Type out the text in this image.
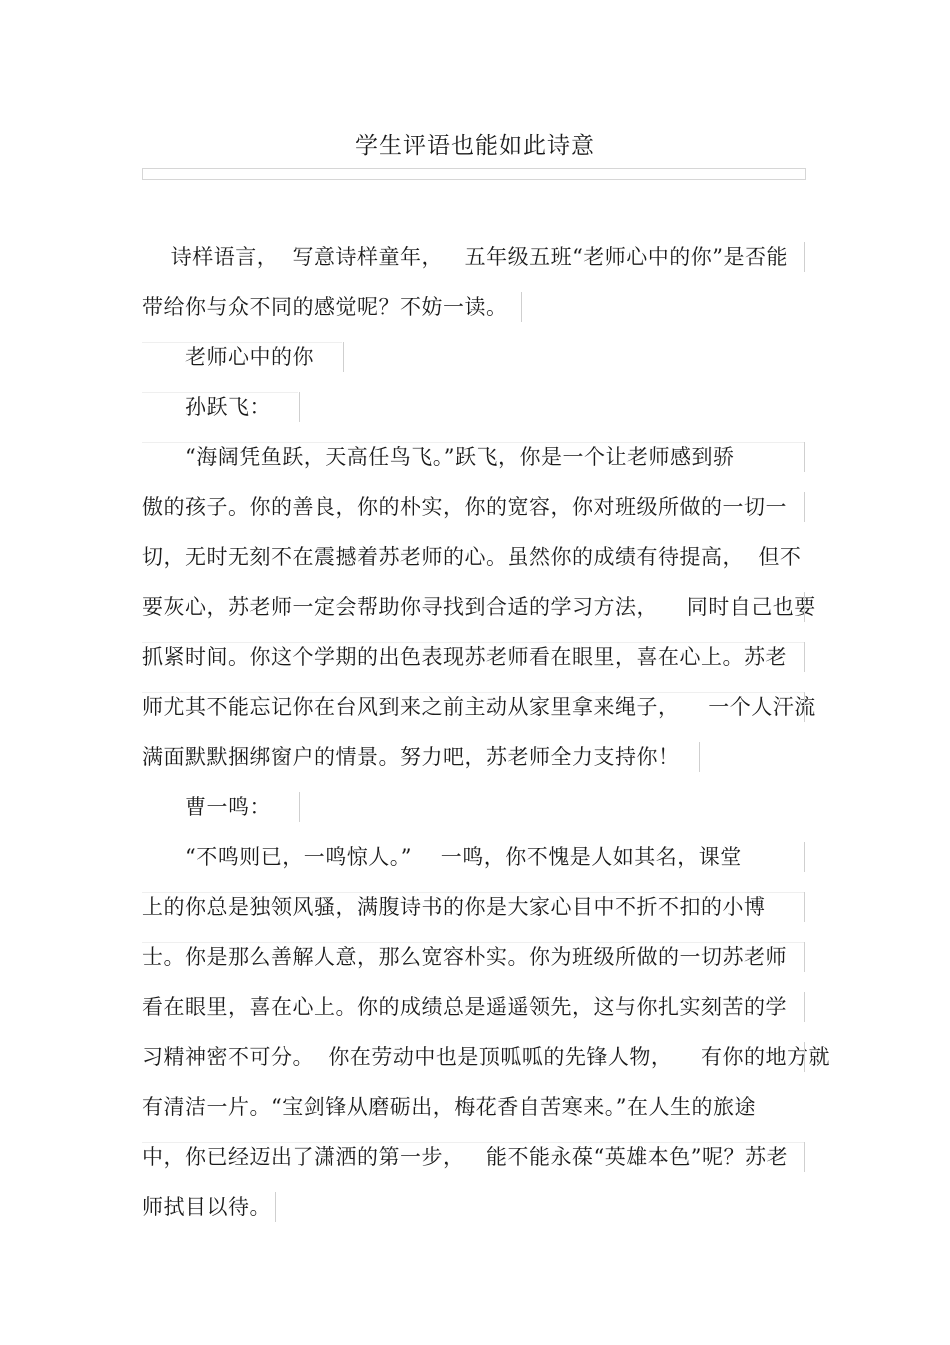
学生评语也能如此诗意
诗样语言，  写意诗样童年，   五年级五班“老师心中的你”是否能
带给你与众不同的感觉呢？不妨一读。
老师心中的你
孙跃飞：
“海阔凭鱼跃，天高任鸟飞。”跃飞，你是一个让老师感到骄
傲的孩子。你的善良，你的朴实，你的宽容，你对班级所做的一切一
切，无时无刻不在震撼着苏老师的心。虽然你的成绩有待提高，  但不
要灰心，苏老师一定会帮助你寻找到合适的学习方法，    同时自己也要
抓紧时间。你这个学期的出色表现苏老师看在眼里，喜在心上。苏老
师尤其不能忘记你在台风到来之前主动从家里拿来绳子，    一个人汗流
满面默默捆绑窗户的情景。努力吧，苏老师全力支持你！
曹一鸣：
“不鸣则已，一鸣惊人。”    一鸣，你不愧是人如其名，课堂
上的你总是独领风骚，满腹诗书的你是大家心目中不折不扣的小博
士。你是那么善解人意，那么宽容朴实。你为班级所做的一切苏老师
看在眼里，喜在心上。你的成绩总是遥遥领先，这与你扎实刻苦的学
习精神密不可分。  你在劳动中也是顶呱呱的先锋人物，    有你的地方就
有清洁一片。“宝剑锋从磨砺出，梅花香自苦寒来。”在人生的旅途
中，你已经迈出了潇洒的第一步，   能不能永葆“英雄本色”呢？苏老
师拭目以待。
